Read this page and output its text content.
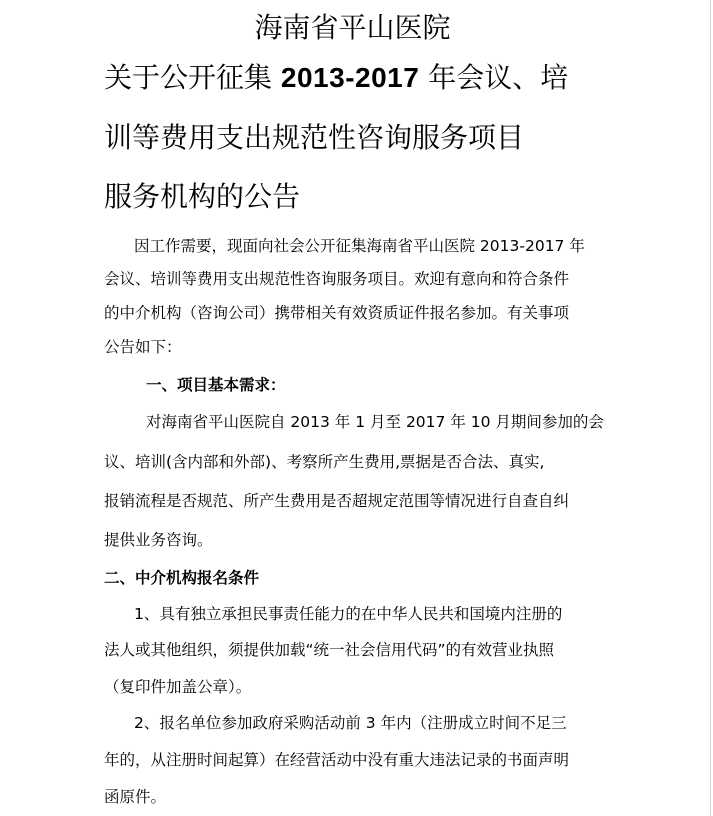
海南省平山医院
关于公开征集 2013-2017 年会议、培
训等费用支出规范性咨询服务项目
服务机构的公告
因工作需要，现面向社会公开征集海南省平山医院 2013-2017 年
会议、培训等费用支出规范性咨询服务项目。欢迎有意向和符合条件
的中介机构（咨询公司）携带相关有效资质证件报名参加。有关事项
公告如下：
一、项目基本需求：
对海南省平山医院自 2013 年 1 月至 2017 年 10 月期间参加的会
议、培训(含内部和外部)、考察所产生费用,票据是否合法、真实,
报销流程是否规范、所产生费用是否超规定范围等情况进行自查自纠
提供业务咨询。
二、中介机构报名条件
1、具有独立承担民事责任能力的在中华人民共和国境内注册的
法人或其他组织，须提供加载“统一社会信用代码”的有效营业执照
（复印件加盖公章）。
2、报名单位参加政府采购活动前 3 年内（注册成立时间不足三
年的，从注册时间起算）在经营活动中没有重大违法记录的书面声明
函原件。
